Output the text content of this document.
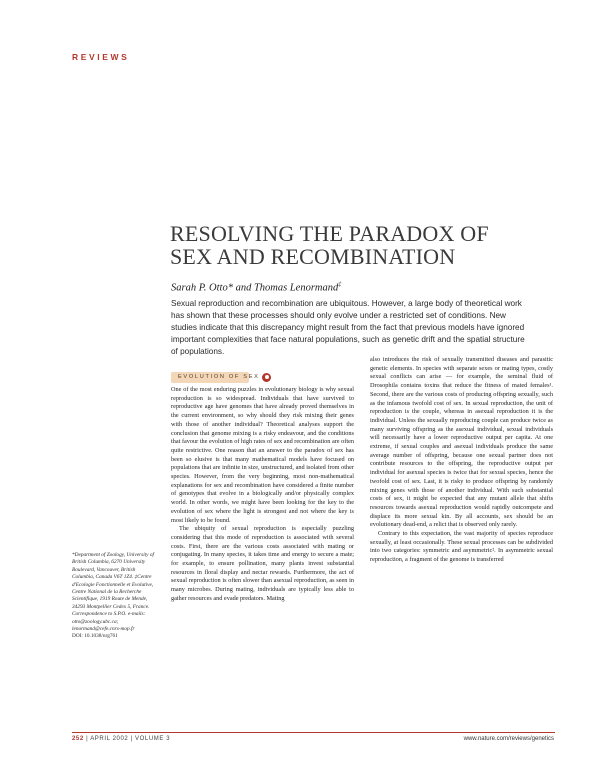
REVIEWS
RESOLVING THE PARADOX OF
SEX AND RECOMBINATION
Sarah P. Otto* and Thomas Lenormand‡
Sexual reproduction and recombination are ubiquitous. However, a large body of theoretical work has shown that these processes should only evolve under a restricted set of conditions. New studies indicate that this discrepancy might result from the fact that previous models have ignored important complexities that face natural populations, such as genetic drift and the spatial structure of populations.
EVOLUTION OF SEX

One of the most enduring puzzles in evolutionary biology is why sexual reproduction is so widespread. Individuals that have survived to reproductive age have genomes that have already proved themselves in the current environment, so why should they risk mixing their genes with those of another individual? Theoretical analyses support the conclusion that genome mixing is a risky endeavour, and the conditions that favour the evolution of high rates of sex and recombination are often quite restrictive. One reason that an answer to the paradox of sex has been so elusive is that many mathematical models have focused on populations that are infinite in size, unstructured, and isolated from other species. However, from the very beginning, most non-mathematical explanations for sex and recombination have considered a finite number of genotypes that evolve in a biologically and/or physically complex world. In other words, we might have been looking for the key to the evolution of sex where the light is strongest and not where the key is most likely to be found.

The ubiquity of sexual reproduction is especially puzzling considering that this mode of reproduction is associated with several costs. First, there are the various costs associated with mating or conjugating. In many species, it takes time and energy to secure a mate; for example, to ensure pollination, many plants invest substantial resources in floral display and nectar rewards. Furthermore, the act of sexual reproduction is often slower than asexual reproduction, as seen in many microbes. During mating, individuals are typically less able to gather resources and evade predators. Mating

also introduces the risk of sexually transmitted diseases and parasitic genetic elements. In species with separate sexes or mating types, costly sexual conflicts can arise — for example, the seminal fluid of Drosophila contains toxins that reduce the fitness of mated females¹. Second, there are the various costs of producing offspring sexually, such as the infamous twofold cost of sex. In sexual reproduction, the unit of reproduction is the couple, whereas in asexual reproduction it is the individual. Unless the sexually reproducing couple can produce twice as many surviving offspring as the asexual individual, sexual individuals will necessarily have a lower reproductive output per capita. At one extreme, if sexual couples and asexual individuals produce the same average number of offspring, because one sexual partner does not contribute resources to the offspring, the reproductive output per individual for asexual species is twice that for sexual species, hence the twofold cost of sex. Last, it is risky to produce offspring by randomly mixing genes with those of another individual. With such substantial costs of sex, it might be expected that any mutant allele that shifts resources towards asexual reproduction would rapidly outcompete and displace its more sexual kin. By all accounts, sex should be an evolutionary dead-end, a relict that is observed only rarely.

Contrary to this expectation, the vast majority of species reproduce sexually, at least occasionally. These sexual processes can be subdivided into two categories: symmetric and asymmetric². In asymmetric sexual reproduction, a fragment of the genome is transferred

*Department of Zoology, University of British Columbia, 6270 University Boulevard, Vancouver, British Columbia, Canada V6T 1Z4. ‡Centre d'Ecologie Fonctionnelle et Evolutive, Centre National de la Recherche Scientifique, 1919 Route de Mende, 34293 Montpellier Cedex 5, France. Correspondence to S.P.O. e-mails: otto@zoology.ubc.ca; lenormand@cefe.cnrs-mop.fr
DOI: 10.1038/nrg761
252 | APRIL 2002 | VOLUME 3	www.nature.com/reviews/genetics
